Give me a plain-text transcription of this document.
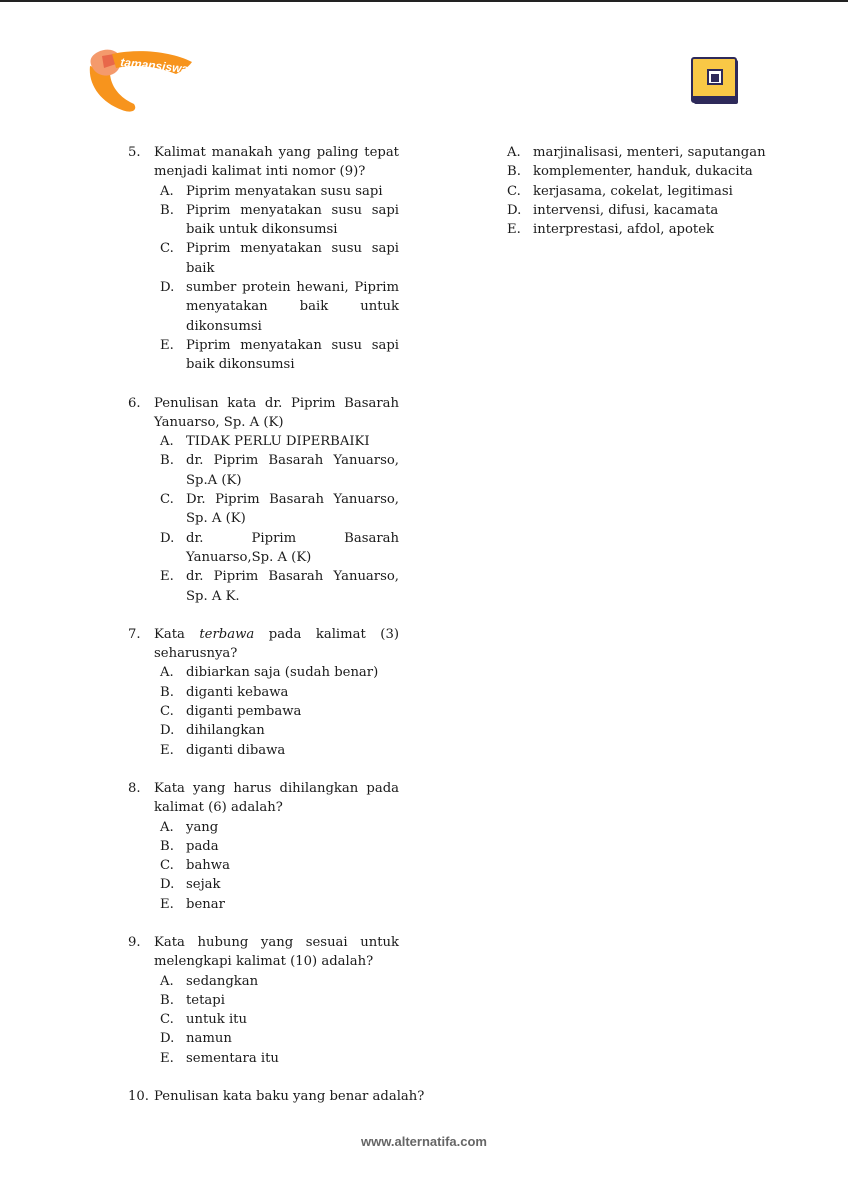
tamansiswa
5. Kalimat manakah yang paling tepat menjadi kalimat inti nomor (9)?
A. Piprim menyatakan susu sapi
B. Piprim menyatakan susu sapi baik untuk dikonsumsi
C. Piprim menyatakan susu sapi baik
D. sumber protein hewani, Piprim menyatakan baik untuk dikonsumsi
E. Piprim menyatakan susu sapi baik dikonsumsi
6. Penulisan kata dr. Piprim Basarah Yanuarso, Sp. A (K)
A. TIDAK PERLU DIPERBAIKI
B. dr. Piprim Basarah Yanuarso, Sp.A (K)
C. Dr. Piprim Basarah Yanuarso, Sp. A (K)
D. dr. Piprim Basarah Yanuarso,Sp. A (K)
E. dr. Piprim Basarah Yanuarso, Sp. A K.
7. Kata terbawa pada kalimat (3) seharusnya?
A. dibiarkan saja (sudah benar)
B. diganti kebawa
C. diganti pembawa
D. dihilangkan
E. diganti dibawa
8. Kata yang harus dihilangkan pada kalimat (6) adalah?
A. yang
B. pada
C. bahwa
D. sejak
E. benar
9. Kata hubung yang sesuai untuk melengkapi kalimat (10) adalah?
A. sedangkan
B. tetapi
C. untuk itu
D. namun
E. sementara itu
10. Penulisan kata baku yang benar adalah?
A. marjinalisasi, menteri, saputangan
B. komplementer, handuk, dukacita
C. kerjasama, cokelat, legitimasi
D. intervensi, difusi, kacamata
E. interprestasi, afdol, apotek
www.alternatifa.com
